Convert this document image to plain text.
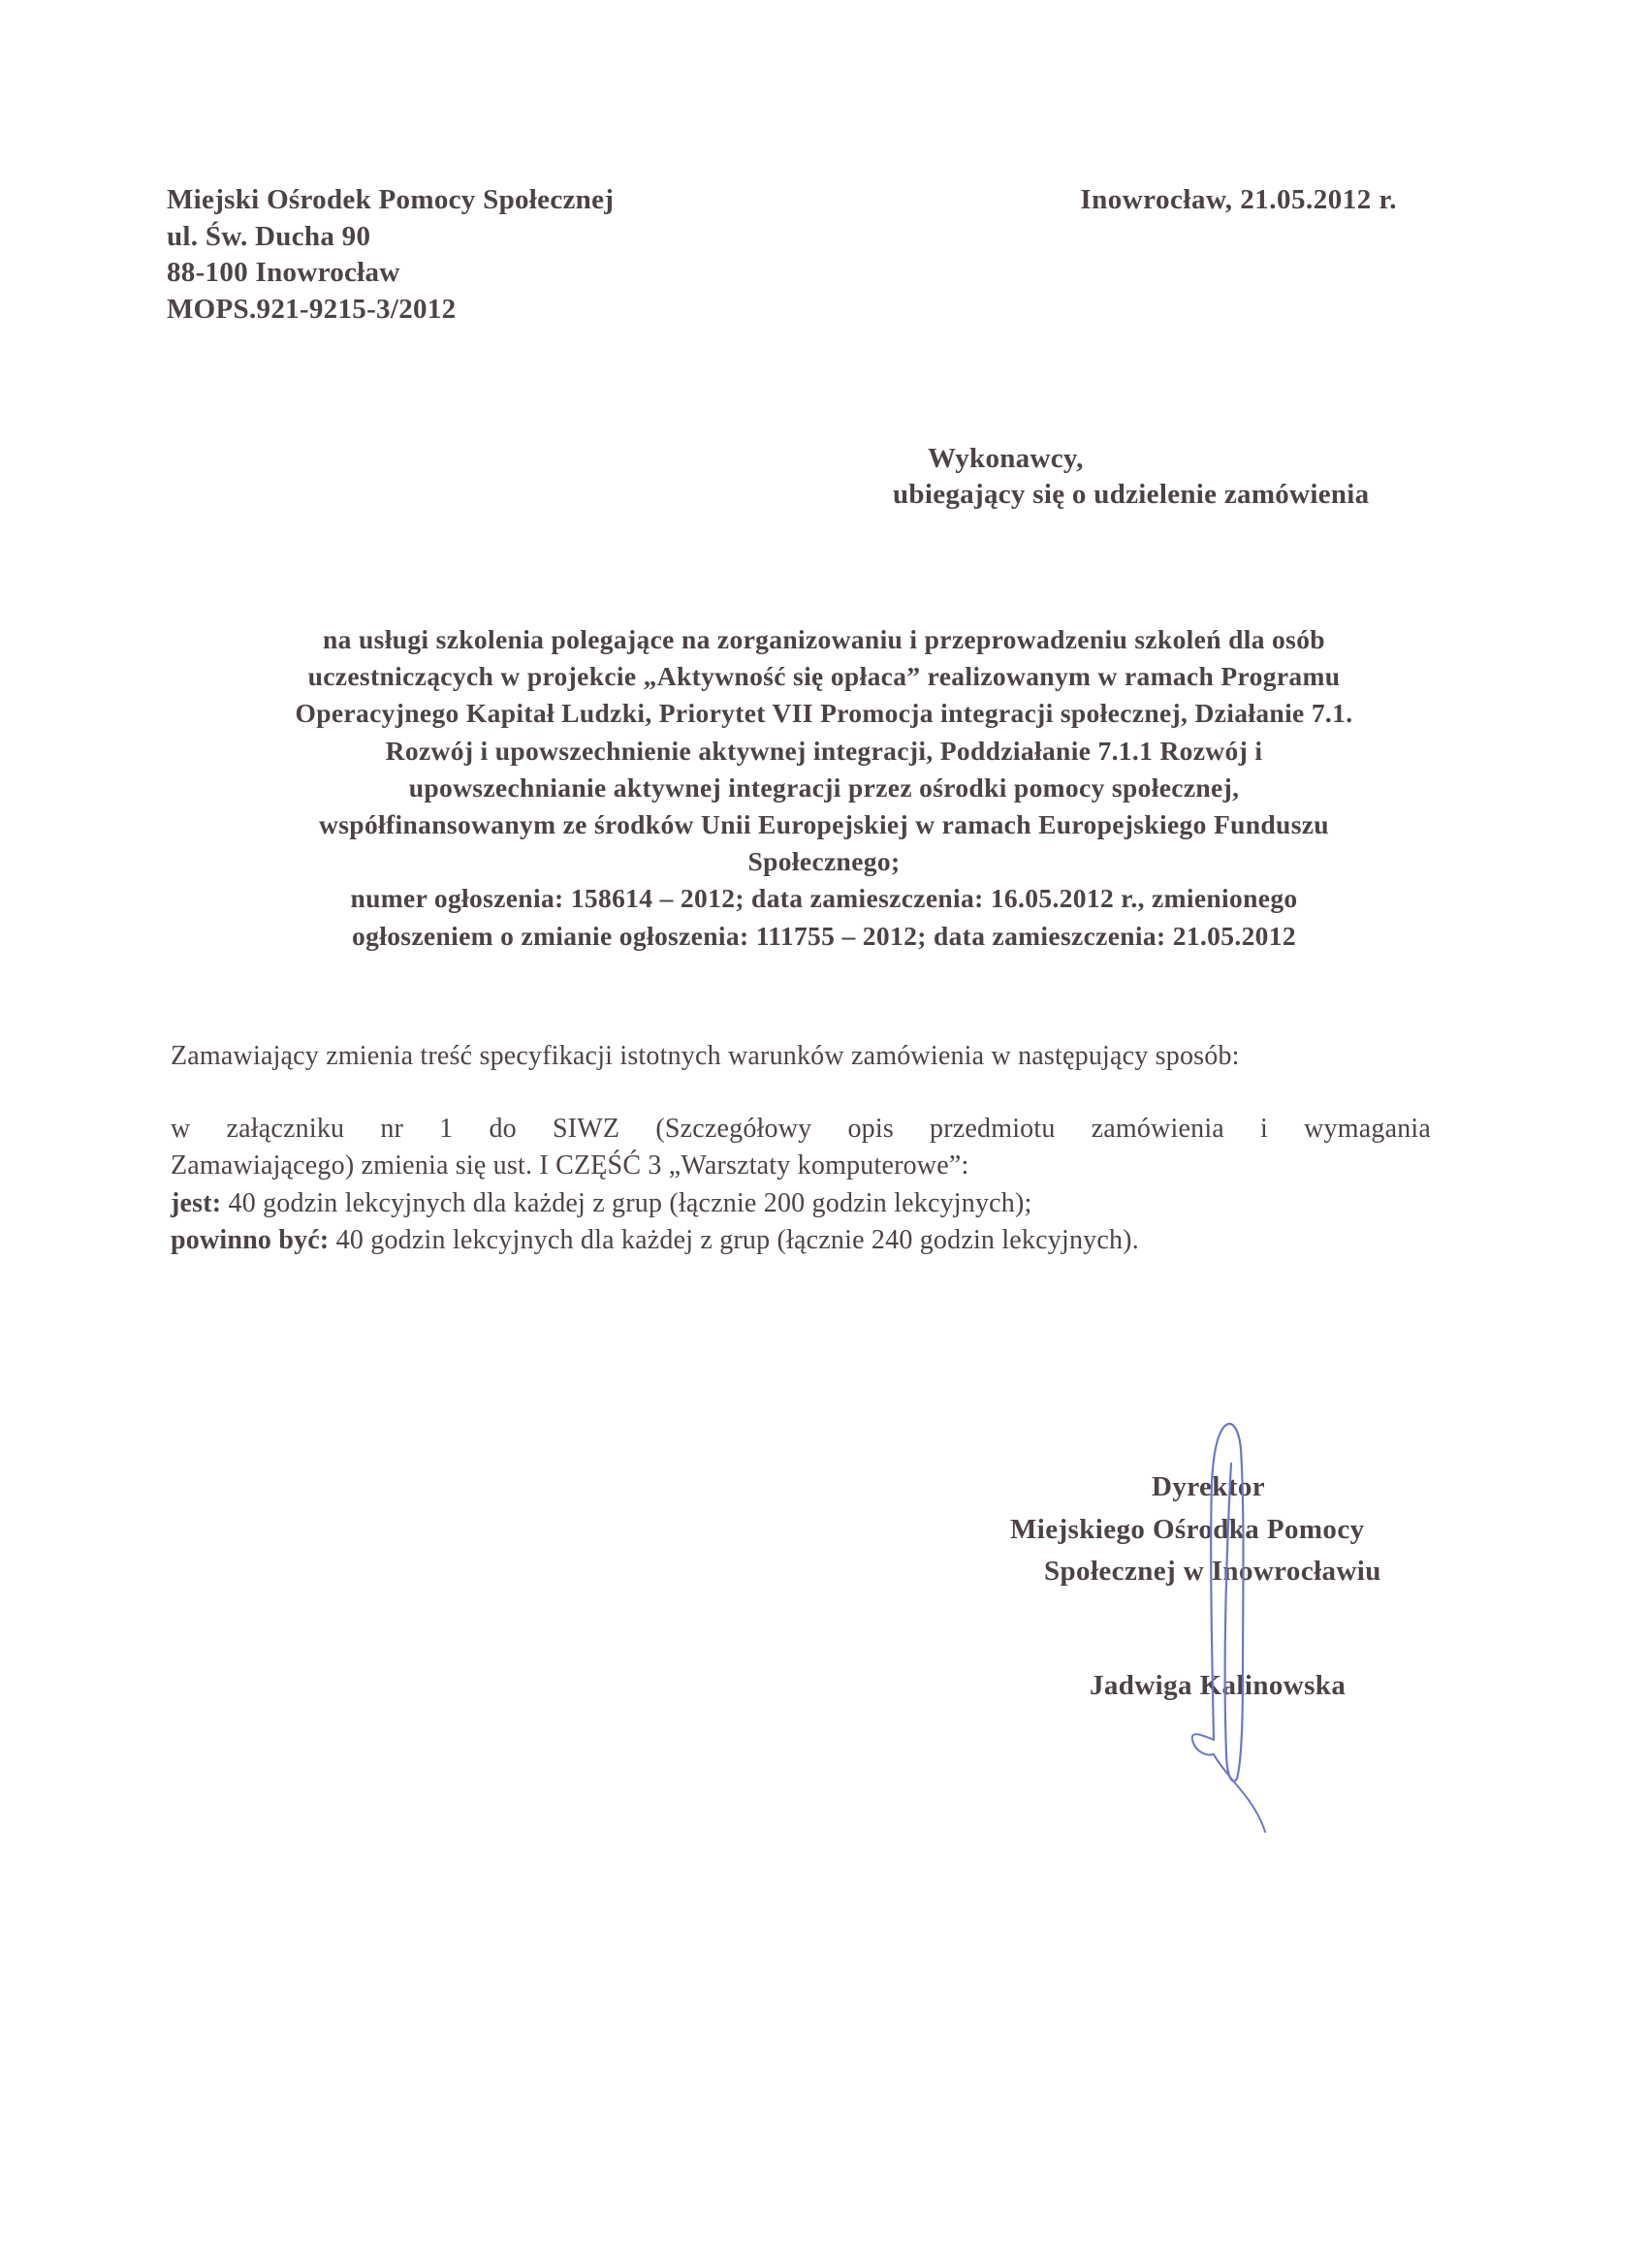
Miejski Ośrodek Pomocy Społecznej
ul. Św. Ducha 90
88-100 Inowrocław
MOPS.921-9215-3/2012
Inowrocław, 21.05.2012 r.
Wykonawcy,
ubiegający się o udzielenie zamówienia
na usługi szkolenia polegające na zorganizowaniu i przeprowadzeniu szkoleń dla osób
uczestniczących w projekcie „Aktywność się opłaca” realizowanym w ramach Programu
Operacyjnego Kapitał Ludzki, Priorytet VII Promocja integracji społecznej, Działanie 7.1.
Rozwój i upowszechnienie aktywnej integracji, Poddziałanie 7.1.1 Rozwój i
upowszechnianie aktywnej integracji przez ośrodki pomocy społecznej,
współfinansowanym ze środków Unii Europejskiej w ramach Europejskiego Funduszu
Społecznego;
numer ogłoszenia: 158614 – 2012; data zamieszczenia: 16.05.2012 r., zmienionego
ogłoszeniem o zmianie ogłoszenia: 111755 – 2012; data zamieszczenia: 21.05.2012
Zamawiający zmienia treść specyfikacji istotnych warunków zamówienia w następujący sposób:
w załączniku nr 1 do SIWZ (Szczegółowy opis przedmiotu zamówienia i wymagania
Zamawiającego) zmienia się ust. I CZĘŚĆ 3 „Warsztaty komputerowe”:
jest: 40 godzin lekcyjnych dla każdej z grup (łącznie 200 godzin lekcyjnych);
powinno być: 40 godzin lekcyjnych dla każdej z grup (łącznie 240 godzin lekcyjnych).
Dyrektor
Miejskiego Ośrodka Pomocy
Społecznej w Inowrocławiu
Jadwiga Kalinowska
